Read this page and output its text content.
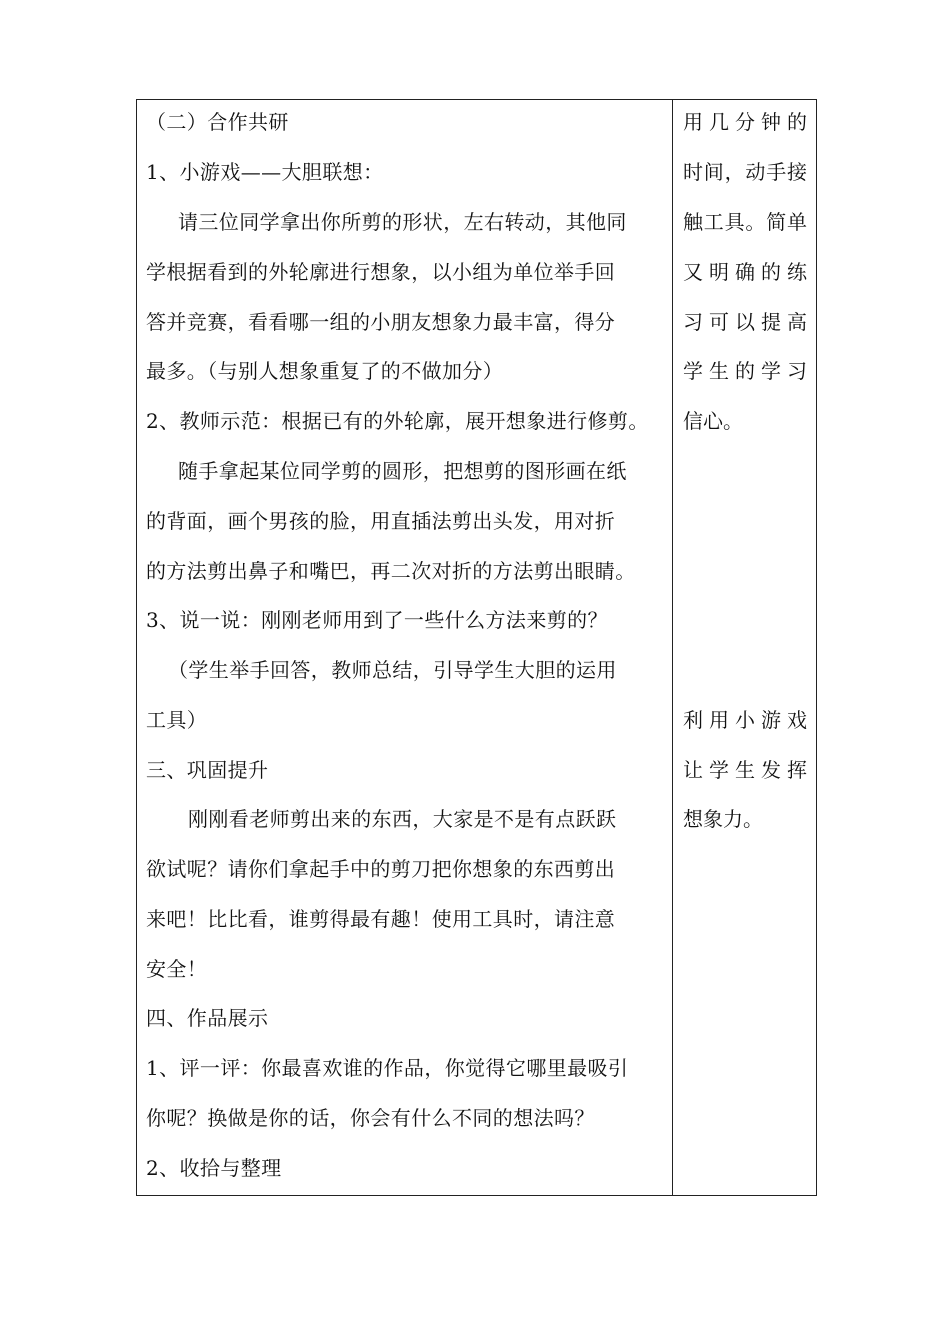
（二）合作共研
1、小游戏——大胆联想：
请三位同学拿出你所剪的形状，左右转动，其他同
学根据看到的外轮廓进行想象，以小组为单位举手回
答并竞赛，看看哪一组的小朋友想象力最丰富，得分
最多。（与别人想象重复了的不做加分）
2、教师示范：根据已有的外轮廓，展开想象进行修剪。
随手拿起某位同学剪的圆形，把想剪的图形画在纸
的背面，画个男孩的脸，用直插法剪出头发，用对折
的方法剪出鼻子和嘴巴，再二次对折的方法剪出眼睛。
3、说一说：刚刚老师用到了一些什么方法来剪的？
（学生举手回答，教师总结，引导学生大胆的运用
工具）
三、巩固提升
刚刚看老师剪出来的东西，大家是不是有点跃跃
欲试呢？请你们拿起手中的剪刀把你想象的东西剪出
来吧！比比看，谁剪得最有趣！使用工具时，请注意
安全！
四、作品展示
1、评一评：你最喜欢谁的作品，你觉得它哪里最吸引
你呢？换做是你的话，你会有什么不同的想法吗？
2、收拾与整理
用几分钟的
时间，动手接
触工具。简单
又明确的练
习可以提高
学生的学习
信心。
利用小游戏
让学生发挥
想象力。
